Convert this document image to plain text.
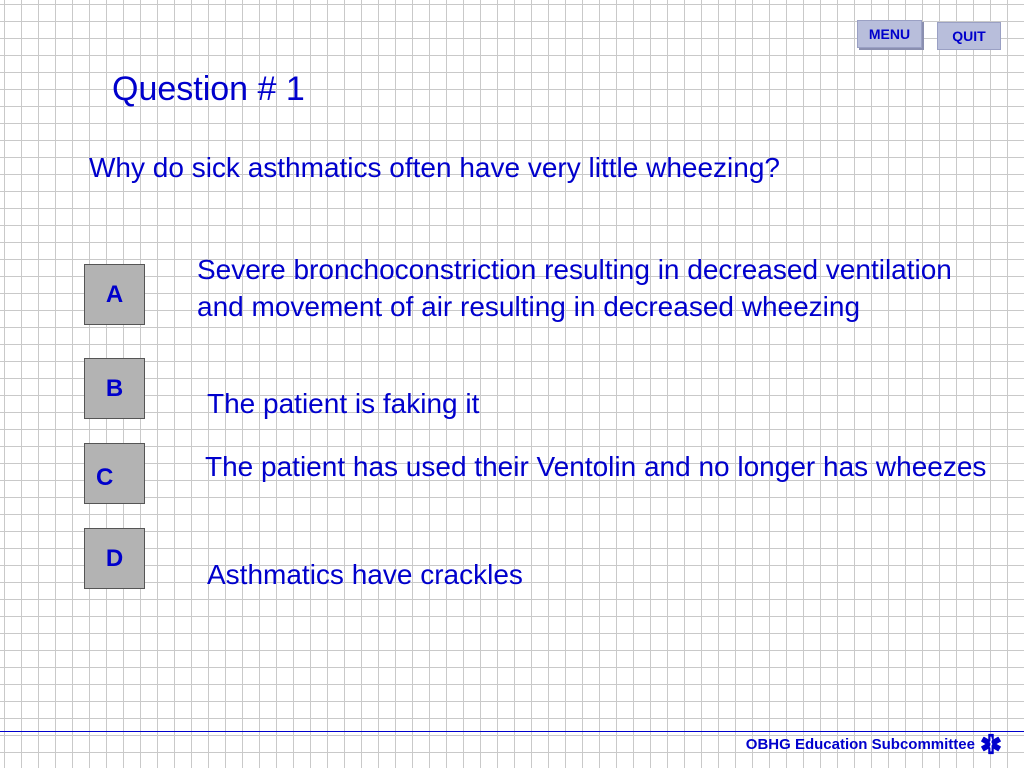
MENU	QUIT
Question # 1

Why do sick asthmatics often have very little wheezing?

A

Severe bronchoconstriction resulting in decreased ventilation and movement of air resulting in decreased wheezing

B	The patient is faking it

C	The patient has used their Ventolin and no longer has wheezes

D

Asthmatics have crackles

OBHG Education Subcommittee
